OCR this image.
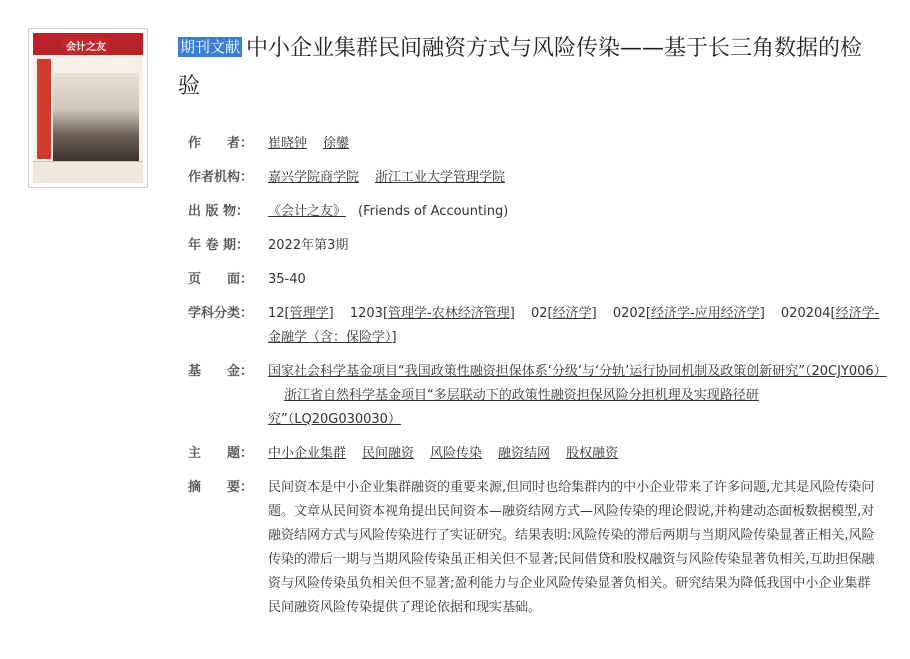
会计之友	期刊文献 中小企业集群民间融资方式与风险传染——基于长三角数据的检验
作　　者：	崔晓钟 徐鑾
作者机构：	嘉兴学院商学院 浙江工业大学管理学院
出 版 物：	《会计之友》 (Friends of Accounting)
年 卷 期：	2022年第3期
页　　面：	35-40
学科分类：	12[管理学] 1203[管理学-农林经济管理] 02[经济学] 0202[经济学-应用经济学] 020204[经济学-金融学（含：保险学）]
基　　金：	国家社会科学基金项目“我国政策性融资担保体系‘分级’与‘分轨’运行协同机制及政策创新研究”（20CJY006）浙江省自然科学基金项目“多层联动下的政策性融资担保风险分担机理及实现路径研究”（LQ20G030030）
主　　题：	中小企业集群 民间融资 风险传染 融资结网 股权融资
摘　　要：	民间资本是中小企业集群融资的重要来源,但同时也给集群内的中小企业带来了许多问题,尤其是风险传染问题。文章从民间资本视角提出民间资本—融资结网方式—风险传染的理论假说,并构建动态面板数据模型,对融资结网方式与风险传染进行了实证研究。结果表明:风险传染的滞后两期与当期风险传染显著正相关,风险传染的滞后一期与当期风险传染虽正相关但不显著;民间借贷和股权融资与风险传染显著负相关,互助担保融资与风险传染虽负相关但不显著;盈利能力与企业风险传染显著负相关。研究结果为降低我国中小企业集群民间融资风险传染提供了理论依据和现实基础。
